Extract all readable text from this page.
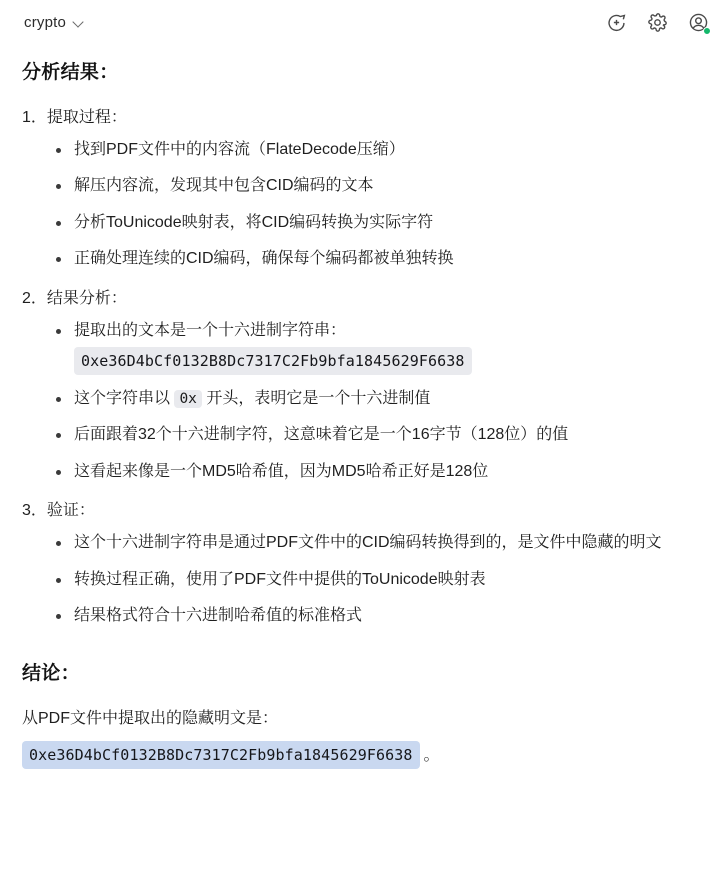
crypto
分析结果：
1．提取过程：
找到PDF文件中的内容流（FlateDecode压缩）
解压内容流，发现其中包含CID编码的文本
分析ToUnicode映射表，将CID编码转换为实际字符
正确处理连续的CID编码，确保每个编码都被单独转换
2．结果分析：
提取出的文本是一个十六进制字符串：
0xe36D4bCf0132B8Dc7317C2Fb9bfa1845629F6638
这个字符串以 0x 开头，表明它是一个十六进制值
后面跟着32个十六进制字符，这意味着它是一个16字节（128位）的值
这看起来像是一个MD5哈希值，因为MD5哈希正好是128位
3．验证：
这个十六进制字符串是通过PDF文件中的CID编码转换得到的，是文件中隐藏的明文
转换过程正确，使用了PDF文件中提供的ToUnicode映射表
结果格式符合十六进制哈希值的标准格式
结论：
从PDF文件中提取出的隐藏明文是：
0xe36D4bCf0132B8Dc7317C2Fb9bfa1845629F6638 。
